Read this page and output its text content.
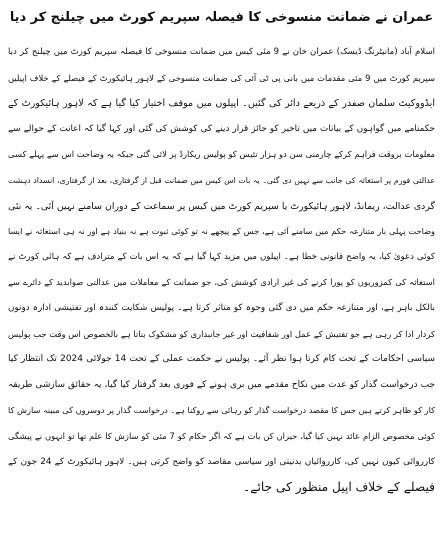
عمران نے ضمانت منسوخی کا فیصلہ سپریم کورٹ میں چیلنج کر دیا
اسلام آباد (مانیٹرنگ ڈیسک) عمران خان نے 9 مئی کیس میں ضمانت منسوخی کا فیصلہ سپریم کورٹ میں چیلنج کر دیا
سپریم کورٹ میں 9 مئی مقدمات میں بانی پی ٹی آئی کی ضمانت منسوخی کے لاہور ہائیکورٹ کے فیصلے کے خلاف اپیلیں
ایڈووکیٹ سلمان صفدر کے ذریعے دائر کی گئیں۔ اپیلوں میں موقف اختیار کیا گیا ہے کہ لاہور ہائیکورٹ کے
حکمنامے میں گواہوں کے بیانات میں تاخیر کو جائز قرار دینے کی کوشش کی گئی اور کہا گیا کہ اعانت کے حوالے سے
معلومات بروقت فراہم کرکے چارمنی سن دو ہزار تئیس کو پولیس ریکارڈ پر لائی گئی جبکہ یہ وضاحت اس سے پہلے کسی
عدالتی فورم پر استغاثہ کی جانب سے نہیں دی گئی۔ یہ بات اس کیس میں ضمانت قبل از گرفتاری، بعد از گرفتاری، انسداد دہشت
گردی عدالت، ریمانڈ، لاہور ہائیکورٹ یا سپریم کورٹ میں کیس پر سماعت کے دوران سامنے نہیں آئی۔ یہ نئی
وضاحت پہلی بار متنازعہ حکم میں سامنے آئی ہے، جس کے پیچھے نہ تو کوئی ثبوت ہے نہ بنیاد ہے اور نہ ہی استغاثہ نے ایسا
کوئی دعویٰ کیا، یہ واضح قانونی خطا ہے۔ اپیلوں میں مزید کہا گیا ہے کہ یہ اس بات کے مترادف ہے کہ ہائی کورٹ نے
استغاثہ کی کمزوریوں کو پورا کرنے کی غیر ارادی کوشش کی، جو ضمانت کے معاملات میں عدالتی صوابدید کے دائرے سے
بالکل باہر ہے، اور متنازعہ حکم میں دی گئی وجوہ کو متاثر کرتا ہے۔ پولیس شکایت کنندہ اور تفتیشی ادارہ دونوں
کردار ادا کر رہی ہے جو تفتیش کے عمل اور شفافیت اور غیر جانبداری کو مشکوک بناتا ہے بالخصوص اس وقت جب پولیس
سیاسی احکامات کے تحت کام کرتا ہوا نظر آئے۔ پولیس نے حکمت عملی کے تحت 14 جولائی 2024 تک انتظار کیا
جب درخواست گذار کو عدت میں نکاح مقدمے میں بری ہونے کے فوری بعد گرفتار کیا گیا، یہ حقائق سازشی طریقہ
کار کو ظاہر کرتے ہیں جس کا مقصد درخواست گذار کو رہائی سے روکنا ہے۔ درخواست گذار پر دوسروں کی مبینہ سازش کا
کوئی مخصوص الزام عائد نہیں کیا گیا، حیران کن بات ہے کہ اگر حکام کو 7 مئی کو سازش کا علم تھا تو انہوں نے پیشگی
کارروائی کیوں نہیں کی، کارروائیاں بدنیتی اور سیاسی مقاصد کو واضح کرتی ہیں۔ لاہور ہائیکورٹ کے 24 جون کے
فیصلے کے خلاف اپیل منظور کی جائے۔
